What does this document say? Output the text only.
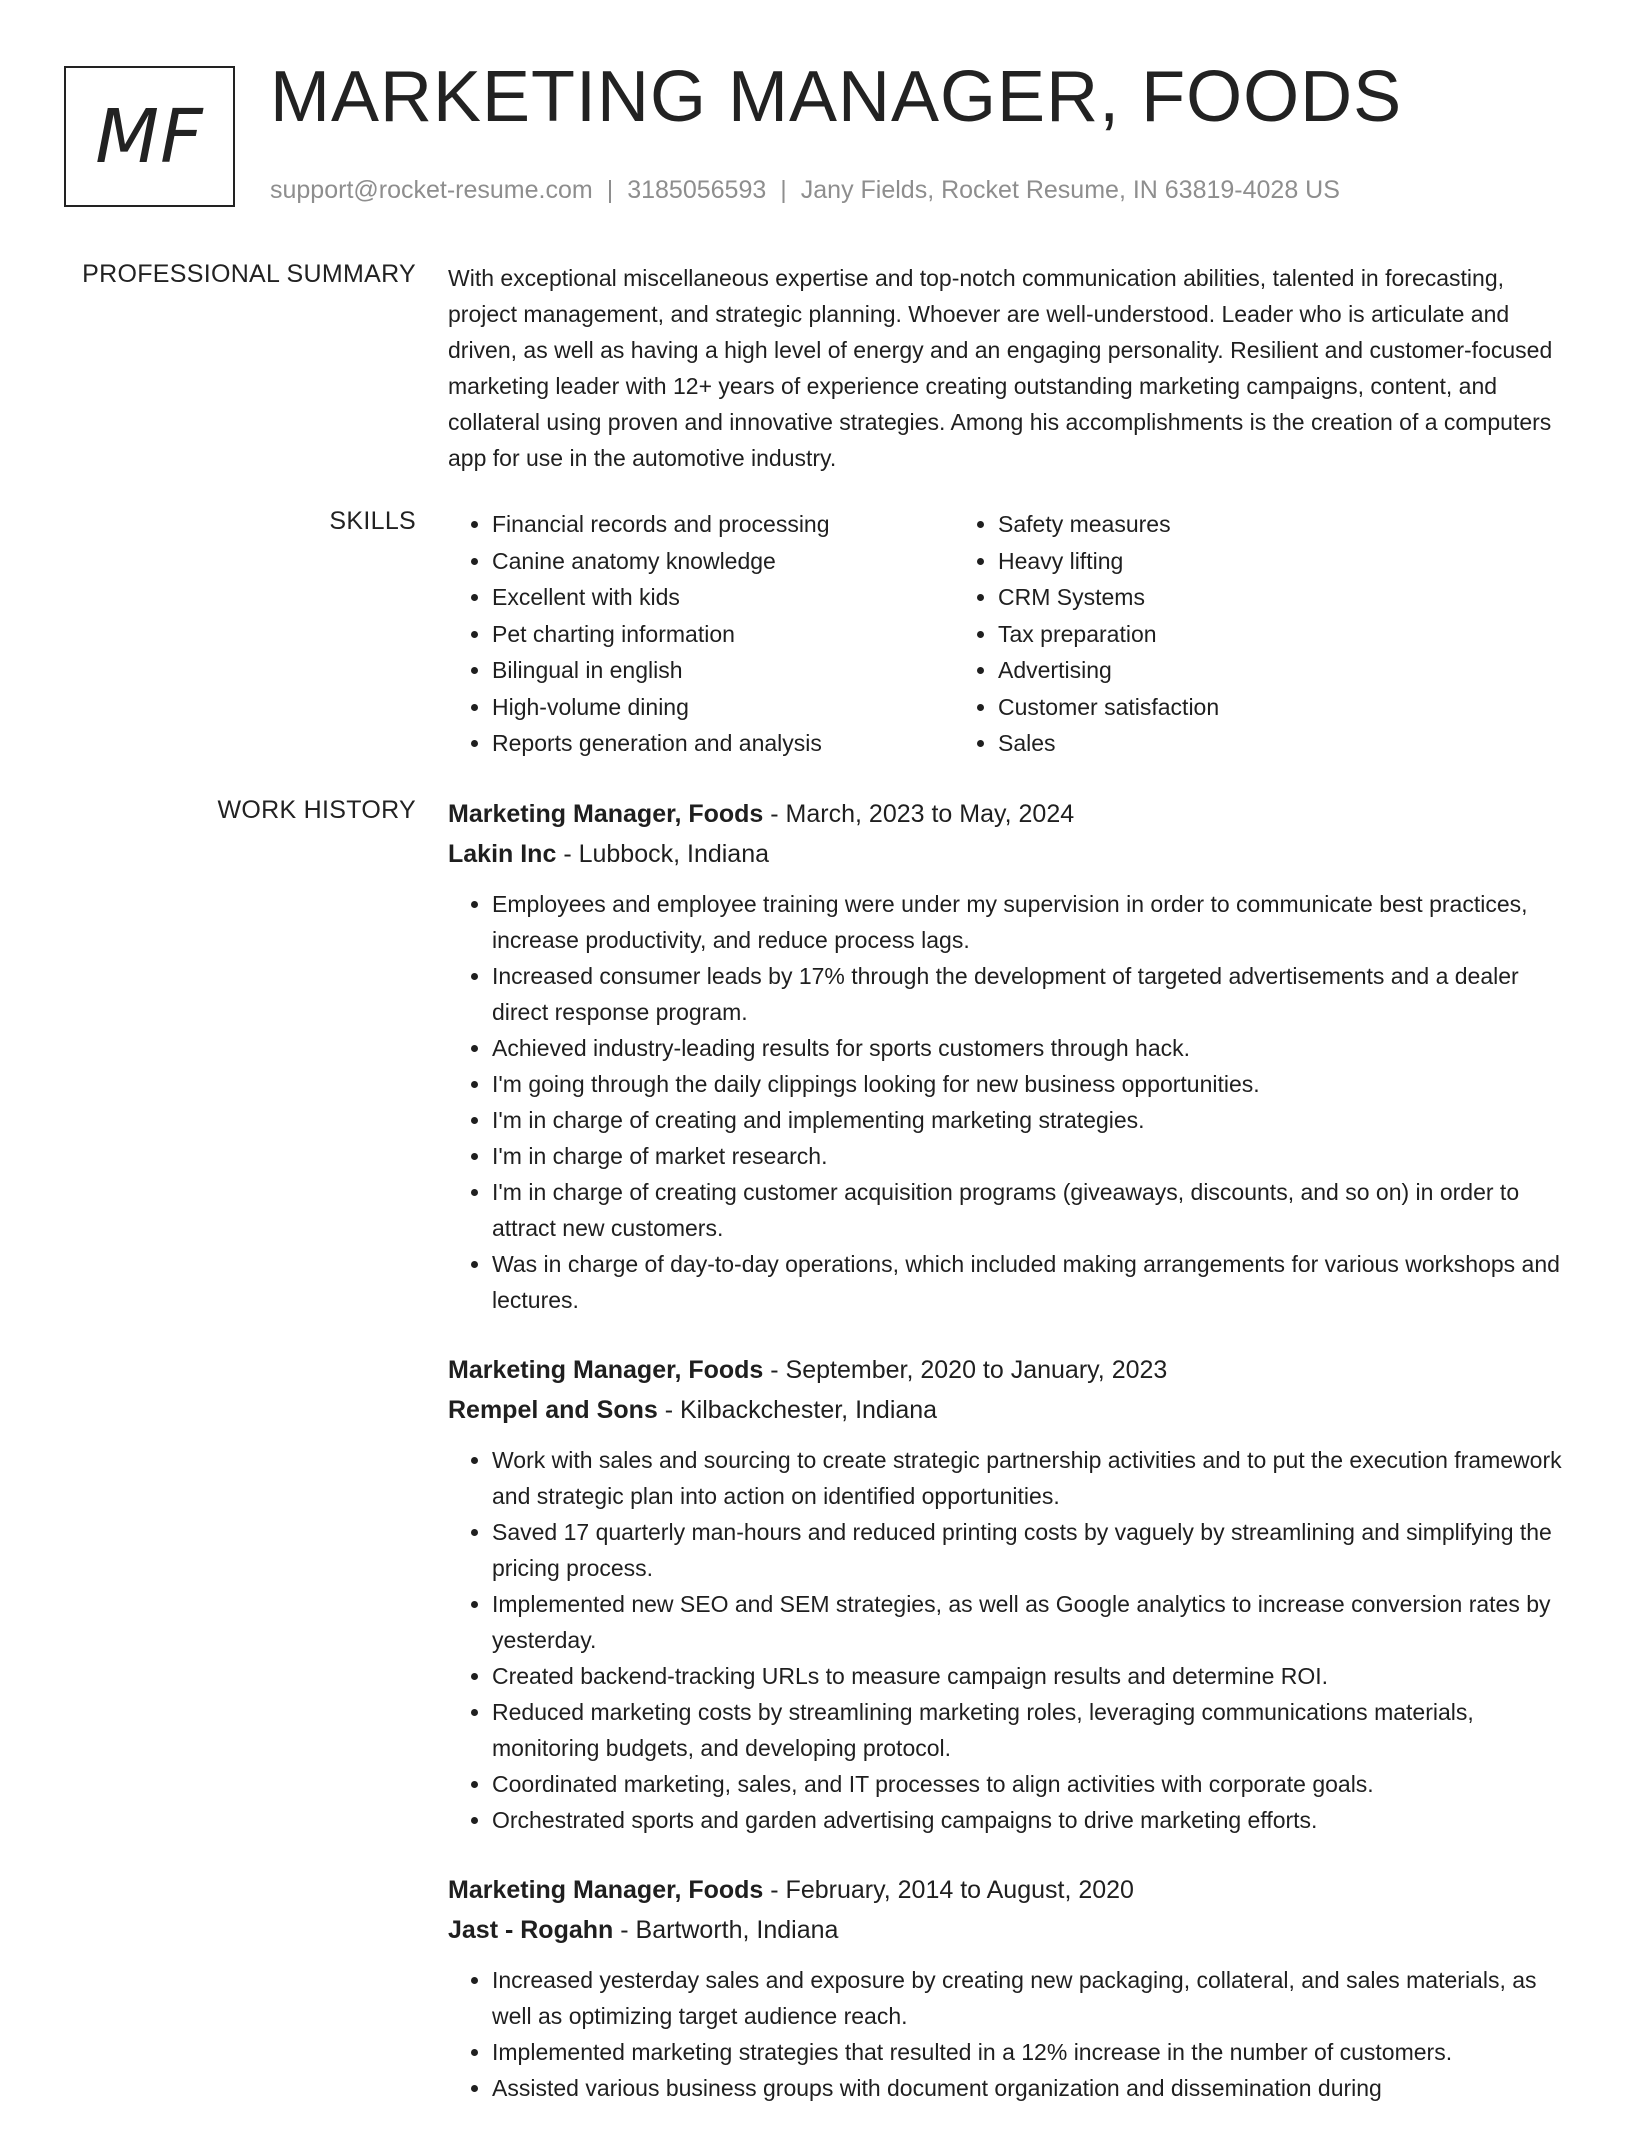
MF MARKETING MANAGER, FOODS
support@rocket-resume.com | 3185056593 | Jany Fields, Rocket Resume, IN 63819-4028 US
PROFESSIONAL SUMMARY With exceptional miscellaneous expertise and top-notch communication abilities, talented in forecasting, project management, and strategic planning. Whoever are well-understood. Leader who is articulate and driven, as well as having a high level of energy and an engaging personality. Resilient and customer-focused marketing leader with 12+ years of experience creating outstanding marketing campaigns, content, and collateral using proven and innovative strategies. Among his accomplishments is the creation of a computers app for use in the automotive industry.
SKILLS
•	Financial records and processing
• Canine anatomy knowledge
• Excellent with kids
• Pet charting information
• Bilingual in english
• High-volume dining
• Reports generation and analysis
• Safety measures
• Heavy lifting
• CRM Systems
• Tax preparation
• Advertising
• Customer satisfaction
• Sales
WORK HISTORY Marketing Manager, Foods - March, 2023 to May, 2024
Lakin Inc - Lubbock, Indiana
• Employees and employee training were under my supervision in order to communicate best practices, increase productivity, and reduce process lags.
• Increased consumer leads by 17% through the development of targeted advertisements and a dealer direct response program.
• Achieved industry-leading results for sports customers through hack.
• I'm going through the daily clippings looking for new business opportunities.
• I'm in charge of creating and implementing marketing strategies.
• I'm in charge of market research.
• I'm in charge of creating customer acquisition programs (giveaways, discounts, and so on) in order to attract new customers.
• Was in charge of day-to-day operations, which included making arrangements for various workshops and lectures.
Marketing Manager, Foods - September, 2020 to January, 2023
Rempel and Sons - Kilbackchester, Indiana
• Work with sales and sourcing to create strategic partnership activities and to put the execution framework and strategic plan into action on identified opportunities.
• Saved 17 quarterly man-hours and reduced printing costs by vaguely by streamlining and simplifying the pricing process.
• Implemented new SEO and SEM strategies, as well as Google analytics to increase conversion rates by yesterday.
• Created backend-tracking URLs to measure campaign results and determine ROI.
• Reduced marketing costs by streamlining marketing roles, leveraging communications materials, monitoring budgets, and developing protocol.
• Coordinated marketing, sales, and IT processes to align activities with corporate goals.
• Orchestrated sports and garden advertising campaigns to drive marketing efforts.
Marketing Manager, Foods - February, 2014 to August, 2020
Jast - Rogahn - Bartworth, Indiana
• Increased yesterday sales and exposure by creating new packaging, collateral, and sales materials, as well as optimizing target audience reach.
• Implemented marketing strategies that resulted in a 12% increase in the number of customers.
• Assisted various business groups with document organization and dissemination during
